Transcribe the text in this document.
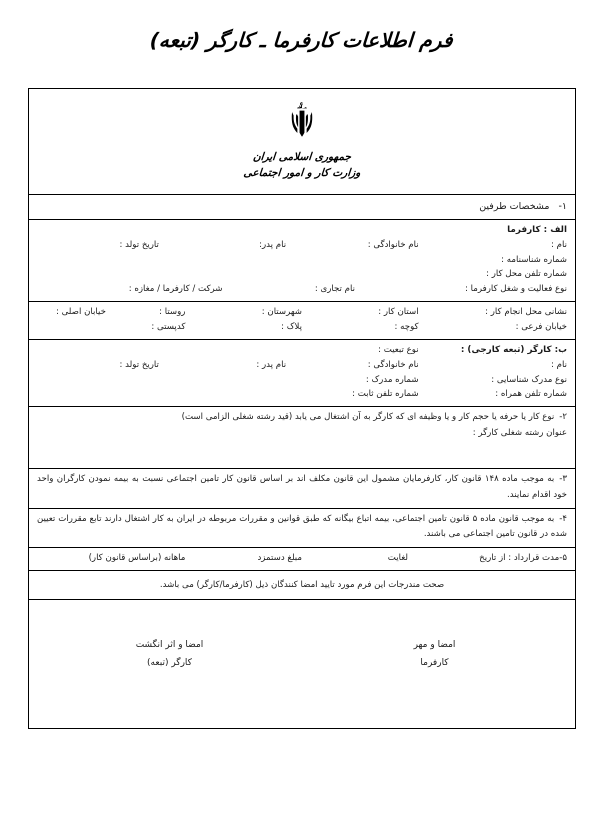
فرم اطلاعات کارفرما ـ کارگر (تبعه)
جمهوری اسلامی ایران
وزارت کار و امور اجتماعی
۱- مشخصات طرفین
الف : کارفرما
نام :
نام خانوادگی :
نام پدر:
تاریخ تولد :
شماره شناسنامه :
شماره تلفن محل کار :
نوع فعالیت و شغل کارفرما :
نام تجاری :
شرکت / کارفرما / مغازه :
نشانی محل انجام کار :
استان کار :
شهرستان :
روستا :
خیابان اصلی :
خیابان فرعی :
کوچه :
پلاک :
کدپستی :
ب: کارگر (تبعه کارجی) :
نوع تبعیت :
نام :
نام خانوادگی :
نام پدر :
تاریخ تولد :
نوع مدرک شناسایی :
شماره مدرک :
شماره تلفن همراه :
شماره تلفن ثابت :
۲-نوع کار یا حرفه یا حجم کار و یا وظیفه ای که کارگر به آن اشتغال می یابد (قید رشته شغلی الزامی است)
عنوان رشته شغلی کارگر :
۳-به موجب ماده ۱۴۸ قانون کار، کارفرمایان مشمول این قانون مکلف اند بر اساس قانون کار تامین اجتماعی نسبت به بیمه نمودن کارگران واحد خود اقدام نمایند.
۴-به موجب قانون ماده ۵ قانون تامین اجتماعی، بیمه اتباع بیگانه که طبق قوانین و مقررات مربوطه در ایران به کار اشتغال دارند تابع مقررات تعیین شده در قانون تامین اجتماعی می باشند.
۵-مدت قرارداد : از تاریخ
لغایت
مبلغ دستمزد
ماهانه (براساس قانون کار)
صحت مندرجات این فرم مورد تایید امضا کنندگان ذیل (کارفرما/کارگر) می باشد.
امضا و مهر
کارفرما
امضا و اثر انگشت
کارگر (تبعه)
